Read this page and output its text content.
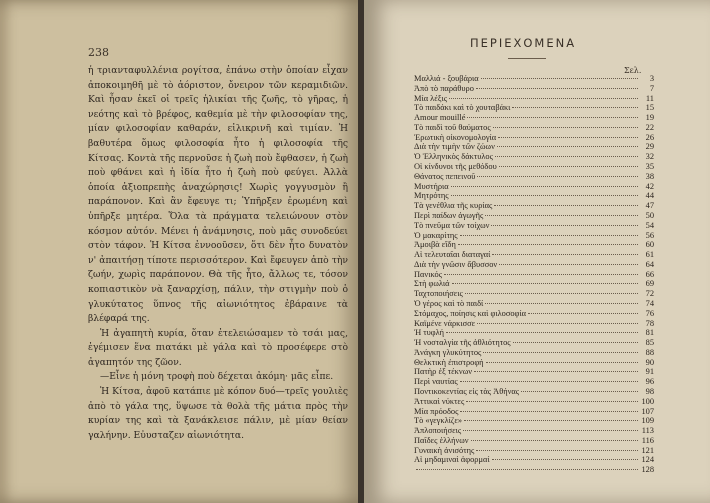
238

ἡ τριανταφυλλένια ρογίτσα, ἐπάνω στὴν ὁποίαν εἶχαν ἀποκοιμηθῆ μὲ τὸ ἀόριστον, ὄνειρον τῶν κεραμιδιῶν. Καὶ ἦσαν ἐκεῖ οἱ τρεῖς ἡλικίαι τῆς ζωῆς, τὸ γῆρας, ἡ νεότης καὶ τὸ βρέφος, καθεμία μὲ τὴν φιλοσοφίαν της, μίαν φιλοσοφίαν καθαράν, εἰλικρινῆ καὶ τιμίαν. Ἡ βαθυτέρα ὅμως φιλοσοφία ἦτο ἡ φιλοσοφία τῆς Κίτσας. Κοντὰ τῆς περνοῦσε ἡ ζωὴ ποὺ ἔφθασεν, ἡ ζωὴ ποὺ φθάνει καὶ ἡ ἰδία ἦτο ἡ ζωὴ ποὺ φεύγει. Ἀλλὰ ὁποία ἀξιοπρεπὴς ἀναχώρησις! Χωρὶς γογγυσμὸν ἢ παράπονον. Καὶ ἂν ἔφευγε τι; Ὑπῆρξεν ἐρωμένη καὶ ὑπῆρξε μητέρα. Ὅλα τὰ πράγματα τελειώνουν στὸν κόσμον αὐτόν. Μένει ἡ ἀνάμνησις, ποὺ μᾶς συνοδεύει στὸν τάφον. Ἡ Κίτσα ἐννοοῦσεν, ὅτι δὲν ἦτο δυνατὸν ν' ἀπαιτήσῃ τίποτε περισσότερον. Καὶ ἔφευγεν ἀπὸ τὴν ζωήν, χωρὶς παράπονον. Θὰ τῆς ἦτο, ἄλλως τε, τόσον κοπιαστικὸν νὰ ξαναρχίσῃ, πάλιν, τὴν στιγμὴν ποὺ ὁ γλυκύτατος ὕπνος τῆς αἰωνιότητος ἐβάραινε τὰ βλέφαρά της.

Ἡ ἀγαπητὴ κυρία, ὅταν ἐτελειώσαμεν τὸ τσάι μας, ἐγέμισεν ἕνα πιατάκι μὲ γάλα καὶ τὸ προσέφερε στὸ ἀγαπητόν της ζῶον.

—Εἶνε ἡ μόνη τροφὴ ποὺ δέχεται ἀκόμη· μᾶς εἶπε.

Ἡ Κίτσα, ἀφοῦ κατάπιε μὲ κόπον δυό—τρεῖς γουλιὲς ἀπὸ τὸ γάλα της, ὕψωσε τὰ θολὰ τῆς μάτια πρὸς τὴν κυρίαν της καὶ τὰ ξανάκλεισε πάλιν, μὲ μίαν θείαν γαλήνην. Εὐυσταζεν αἰωνιότητα.

ΠΕΡΙΕΧΟΜΕΝΑ
Σελ.
Μαλλιά - ξουβάρια	3
Ἀπὸ τὸ παράθυρο	7
Μία λέξις	11
Τὸ παιδάκι καὶ τὸ χουταβάκι	15
Amour mouillé	19
Τὸ παιδὶ τοῦ θαύματος	22
Ἐρωτικὴ οἰκονομολογία	26
Διὰ τὴν τιμὴν τῶν ζώων	29
Ὁ Ἑλληνικὸς δάκτυλος	32
Οἱ κίνδυνοι τῆς μεθόδου	35
Θάνατος πεπεινοῦ	38
Μυστήρια	42
Μητρότης	44
Τὰ γενέθλια τῆς κυρίας	47
Περὶ παίδων ἀγωγῆς	50
Τὸ πνεῦμα τῶν τοίχων	54
Ὁ μακαρίτης	56
Ἀμοιβὰ εἴδη	60
Αἱ τελευταῖαι διαταγαί	61
Διὰ τὴν γνῶσιν ἄβυσσον	64
Πανικός	66
Στὴ φωλιά	69
Ταχτοποιήσεις	72
Ὁ γέρος καὶ τὸ παιδί	74
Στόμαχος, ποίησις καὶ φιλοσοφία	76
Καϊμένε νάρκισσε	78
Ἡ τυφλή	81
Ἡ νοσταλγία τῆς ἀθλιότητος	85
Ἀνάγκη γλυκύτητος	88
Θελκτικὴ ἐπιστροφή	90
Πατὴρ ἐξ τέκνων	91
Περὶ ναυτίας	96
Ποντικοκεντίας εἰς τὰς Ἀθήνας	98
Ἀττικαὶ νύκτες	100
Μία πρόοδος	107
Τὸ «γεγκλίζε»	109
Ἀπλοποιήσεις	113
Παῖδες ἑλλήνων	116
Γυναικὴ ἀνισότης	121
Αἱ μηδαμιναὶ ἀφορμαί	124
128
